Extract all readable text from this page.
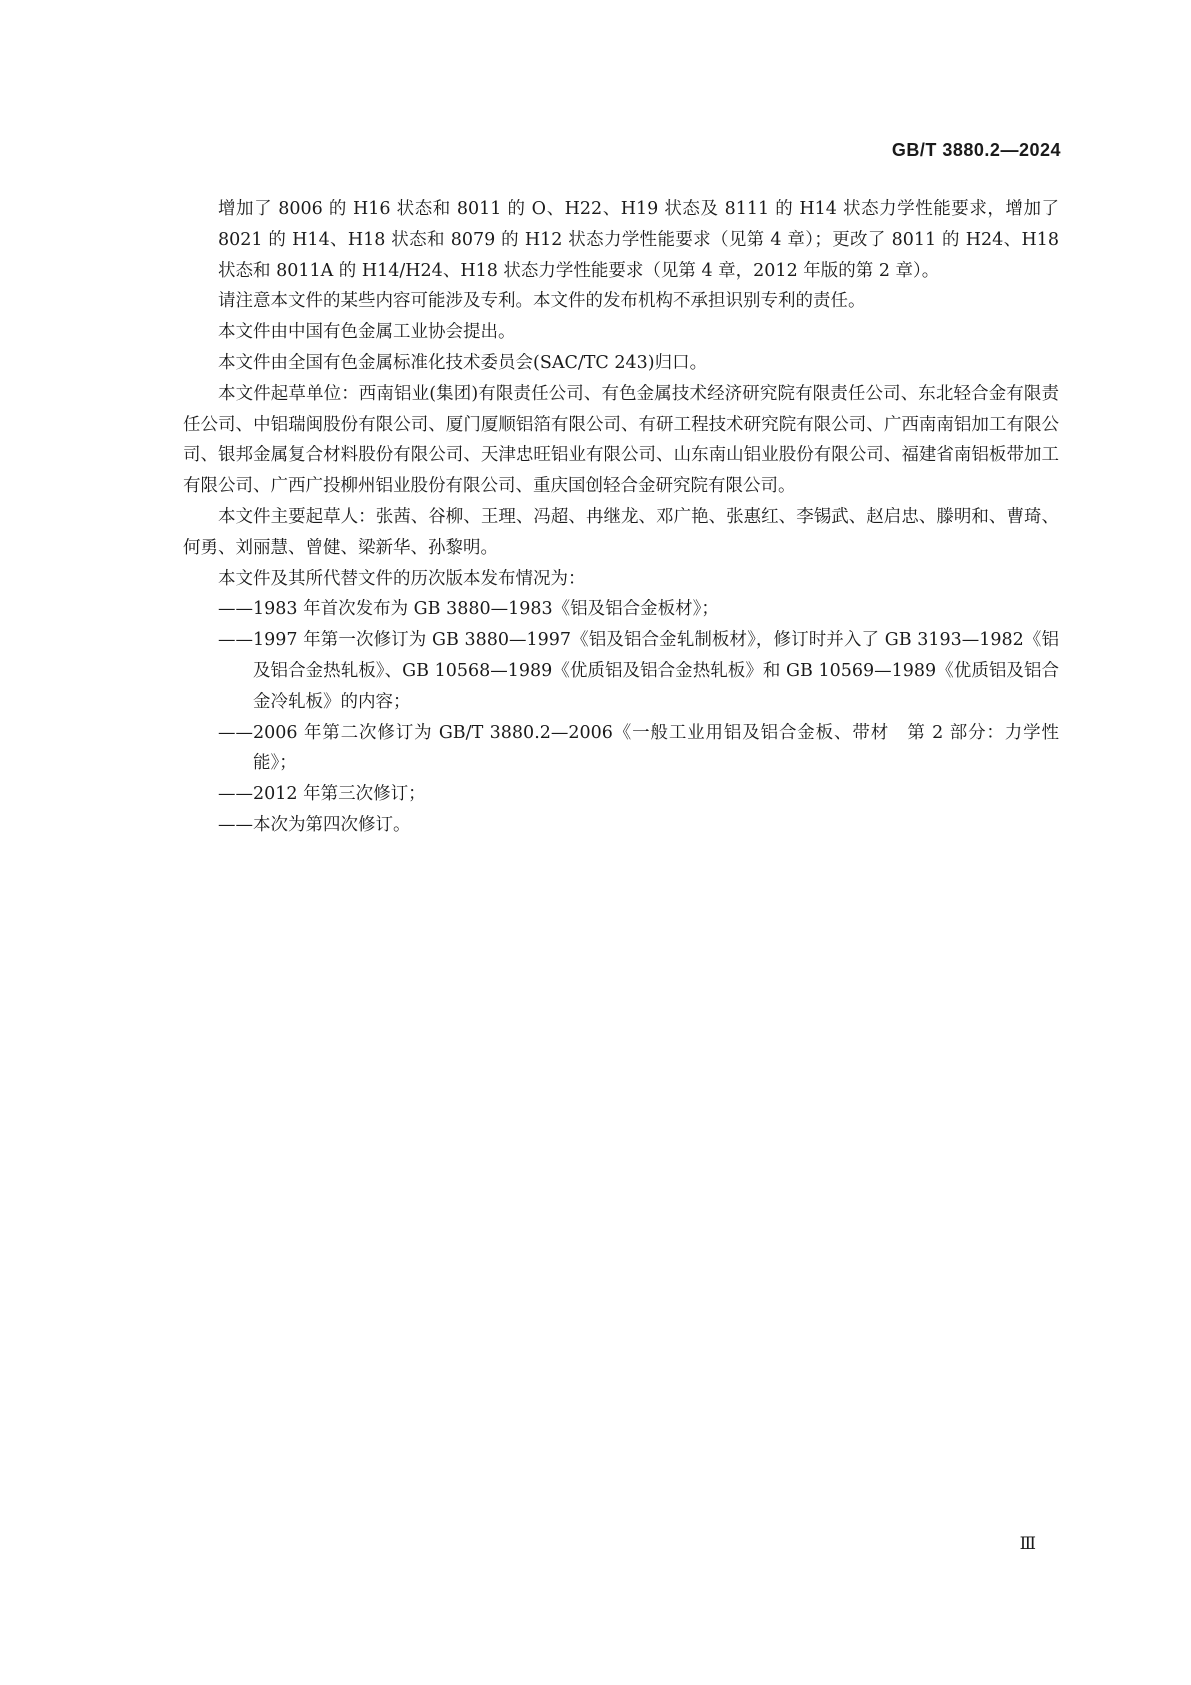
GB/T 3880.2—2024

增加了 8006 的 H16 状态和 8011 的 O、H22、H19 状态及 8111 的 H14 状态力学性能要求，增加了 8021 的 H14、H18 状态和 8079 的 H12 状态力学性能要求（见第 4 章）；更改了 8011 的 H24、H18 状态和 8011A 的 H14/H24、H18 状态力学性能要求（见第 4 章，2012 年版的第 2 章）。

请注意本文件的某些内容可能涉及专利。本文件的发布机构不承担识别专利的责任。

本文件由中国有色金属工业协会提出。

本文件由全国有色金属标准化技术委员会(SAC/TC 243)归口。

本文件起草单位：西南铝业(集团)有限责任公司、有色金属技术经济研究院有限责任公司、东北轻合金有限责任公司、中铝瑞闽股份有限公司、厦门厦顺铝箔有限公司、有研工程技术研究院有限公司、广西南南铝加工有限公司、银邦金属复合材料股份有限公司、天津忠旺铝业有限公司、山东南山铝业股份有限公司、福建省南铝板带加工有限公司、广西广投柳州铝业股份有限公司、重庆国创轻合金研究院有限公司。

本文件主要起草人：张茜、谷柳、王理、冯超、冉继龙、邓广艳、张惠红、李锡武、赵启忠、滕明和、曹琦、何勇、刘丽慧、曾健、梁新华、孙黎明。

本文件及其所代替文件的历次版本发布情况为：

——1983 年首次发布为 GB 3880—1983《铝及铝合金板材》；

——1997 年第一次修订为 GB 3880—1997《铝及铝合金轧制板材》，修订时并入了 GB 3193—1982《铝及铝合金热轧板》、GB 10568—1989《优质铝及铝合金热轧板》和 GB 10569—1989《优质铝及铝合金冷轧板》的内容；

——2006 年第二次修订为 GB/T 3880.2—2006《一般工业用铝及铝合金板、带材　第 2 部分：力学性能》；

——2012 年第三次修订；

——本次为第四次修订。

Ⅲ
